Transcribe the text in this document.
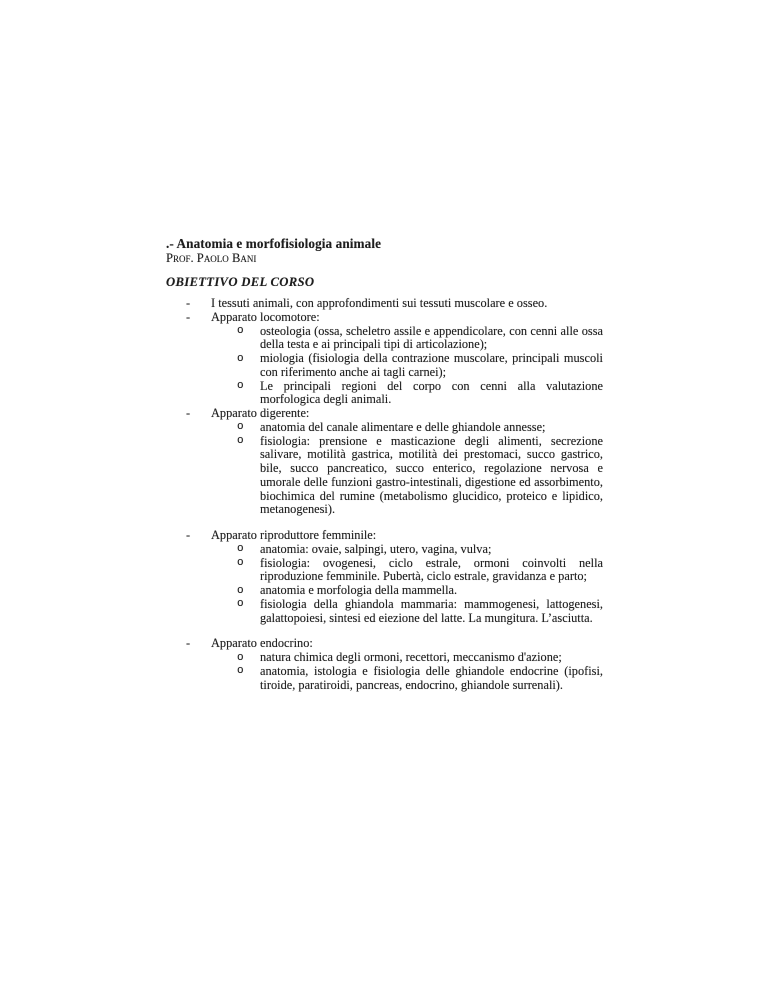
.- Anatomia e morfofisiologia animale
Prof. Paolo Bani
OBIETTIVO DEL CORSO
- I tessuti animali, con approfondimenti sui tessuti muscolare e osseo.
- Apparato locomotore:
o osteologia (ossa, scheletro assile e appendicolare, con cenni alle ossa della testa e ai principali tipi di articolazione);
o miologia (fisiologia della contrazione muscolare, principali muscoli con riferimento anche ai tagli carnei);
o Le principali regioni del corpo con cenni alla valutazione morfologica degli animali.
- Apparato digerente:
o anatomia del canale alimentare e delle ghiandole annesse;
o fisiologia: prensione e masticazione degli alimenti, secrezione salivare, motilità gastrica, motilità dei prestomaci, succo gastrico, bile, succo pancreatico, succo enterico, regolazione nervosa e umorale delle funzioni gastro-intestinali, digestione ed assorbimento, biochimica del rumine (metabolismo glucidico, proteico e lipidico, metanogenesi).
- Apparato riproduttore femminile:
o anatomia: ovaie, salpingi, utero, vagina, vulva;
o fisiologia: ovogenesi, ciclo estrale, ormoni coinvolti nella riproduzione femminile. Pubertà, ciclo estrale, gravidanza e parto;
o anatomia e morfologia della mammella.
o fisiologia della ghiandola mammaria: mammogenesi, lattogenesi, galattopoiesi, sintesi ed eiezione del latte. La mungitura. L’asciutta.
- Apparato endocrino:
o natura chimica degli ormoni, recettori, meccanismo d'azione;
o anatomia, istologia e fisiologia delle ghiandole endocrine (ipofisi, tiroide, paratiroidi, pancreas, endocrino, ghiandole surrenali).
